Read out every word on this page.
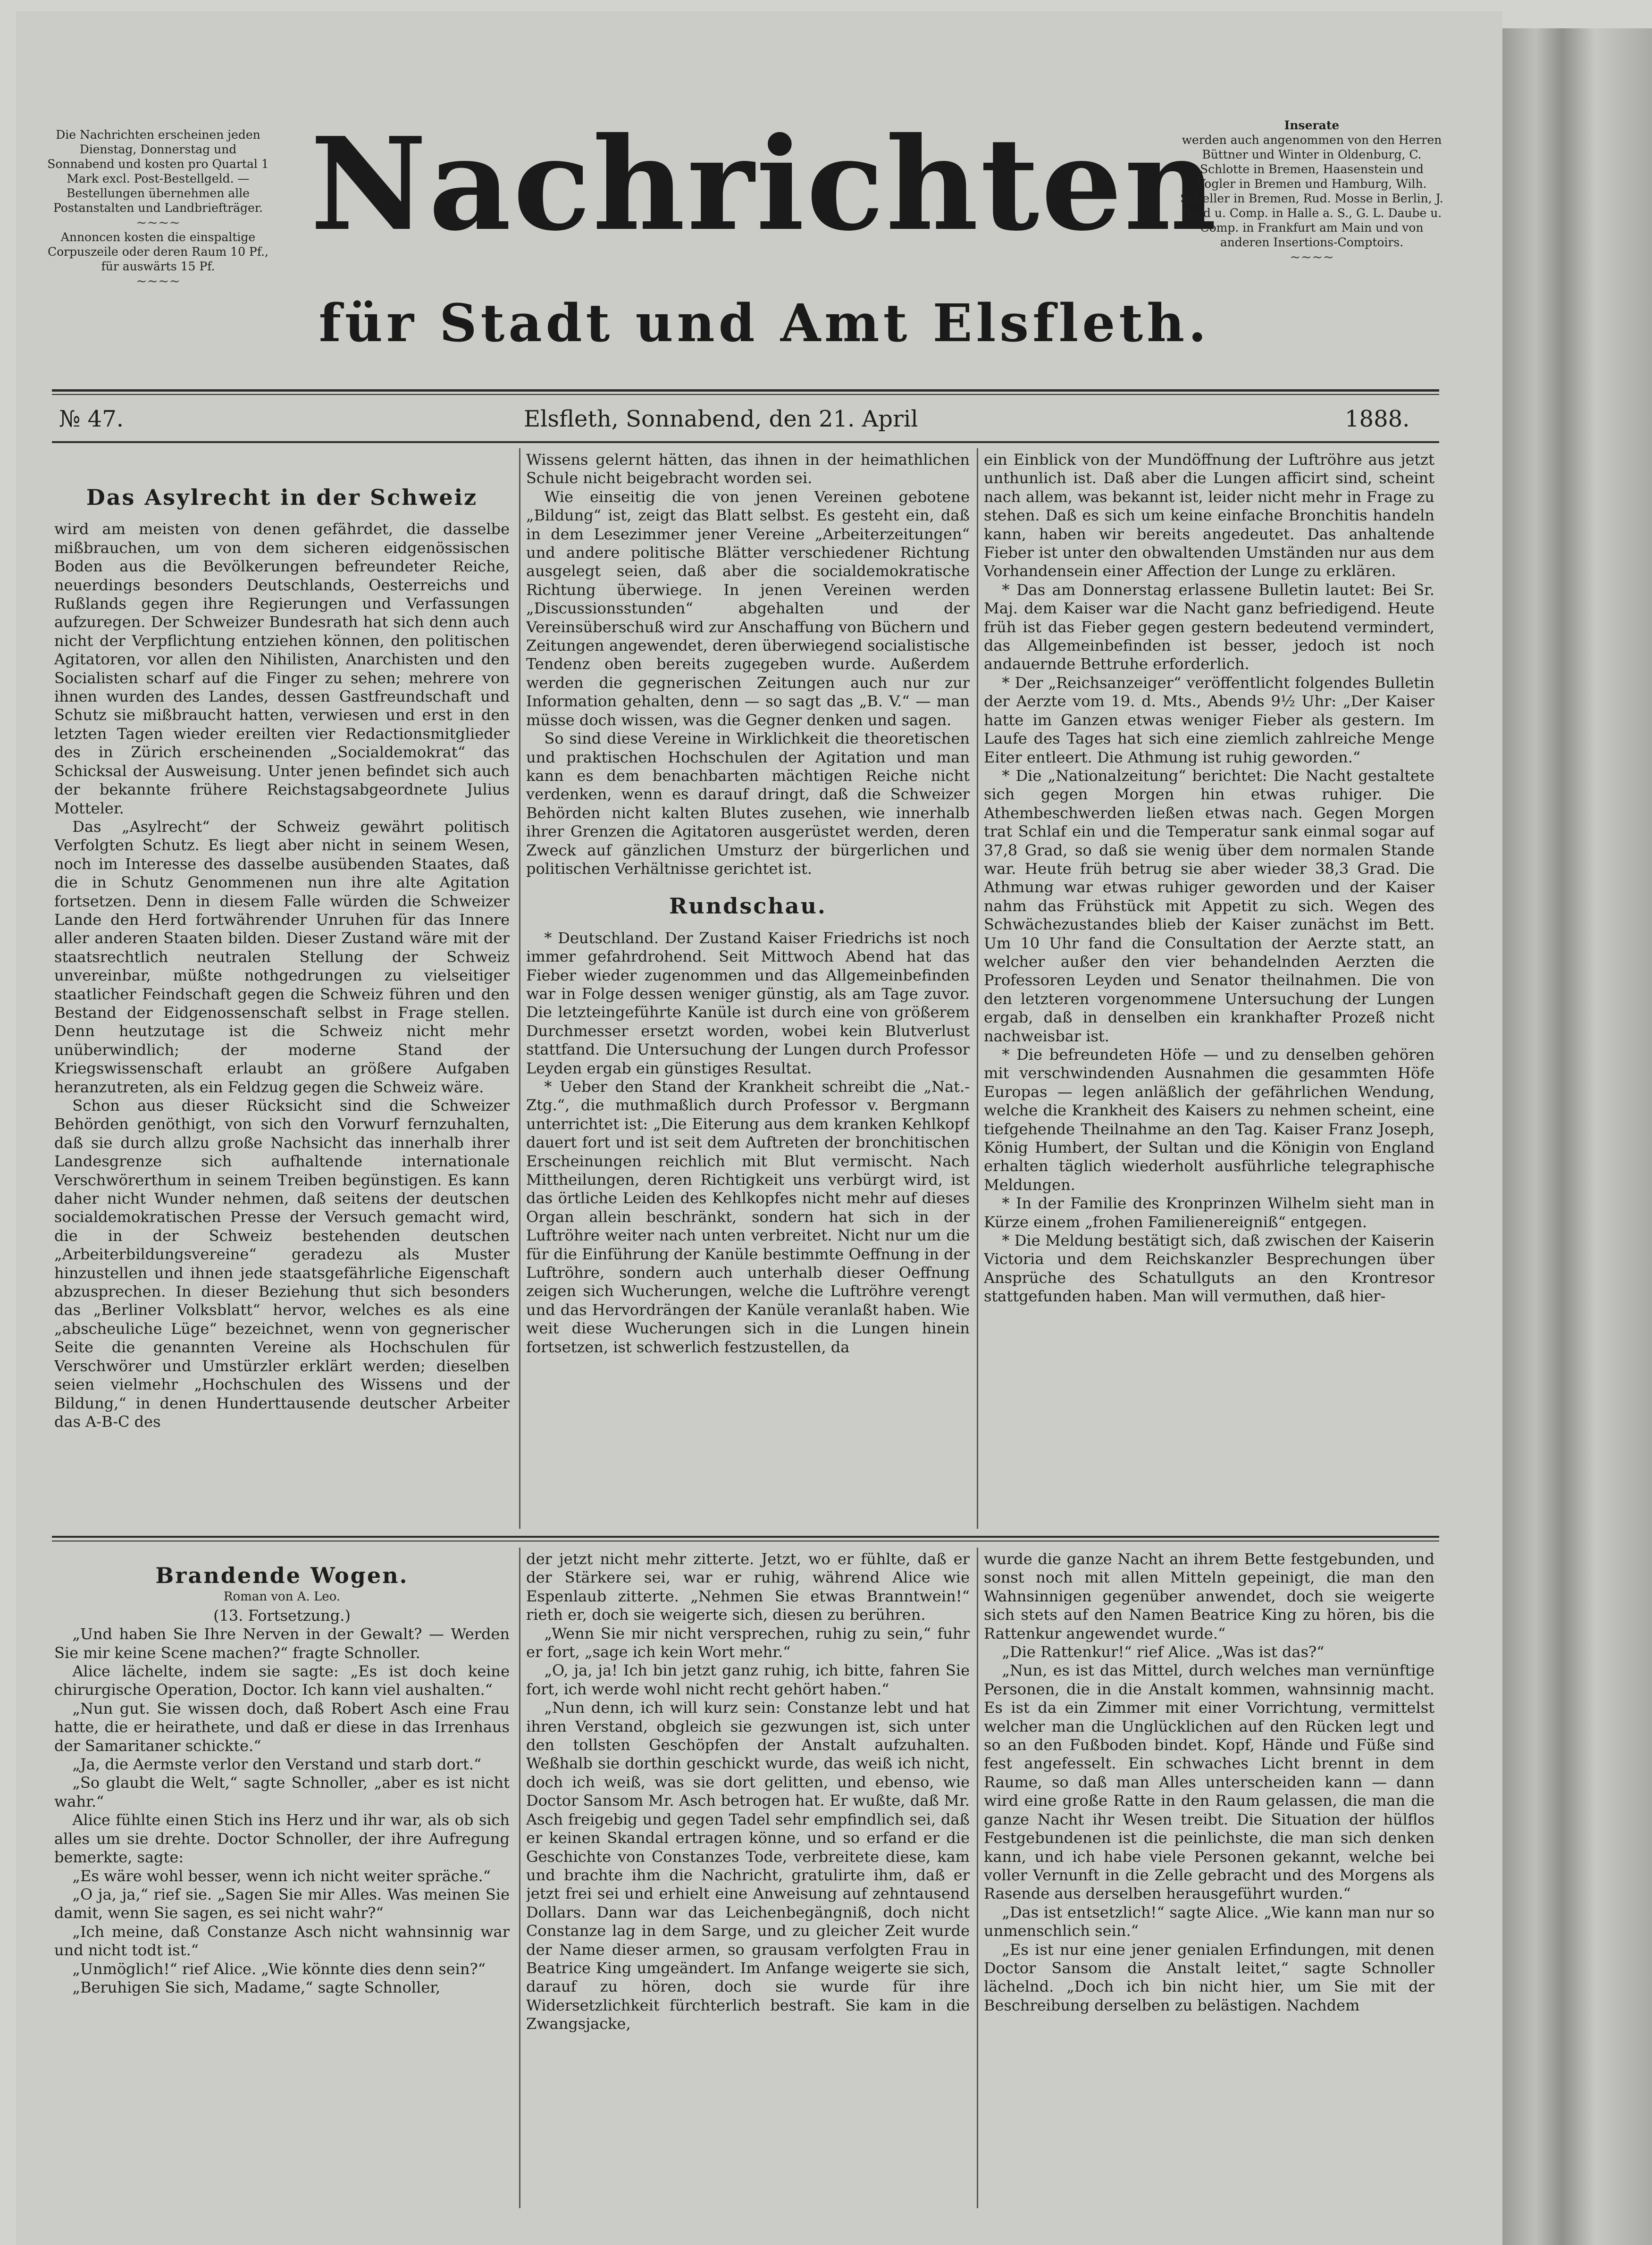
Die Nachrichten erscheinen jeden Dienstag, Donnerstag und Sonnabend und kosten pro Quartal 1 Mark excl. Post-Bestellgeld. — Bestellungen übernehmen alle Postanstalten und Landbriefträger.
~~~~
Annoncen kosten die einspaltige Corpuszeile oder deren Raum 10 Pf., für auswärts 15 Pf.
~~~~
Nachrichten
für Stadt und Amt Elsfleth.
Inserate
werden auch angenommen von den Herren Büttner und Winter in Oldenburg, C. Schlotte in Bremen, Haasenstein und Vogler in Bremen und Hamburg, Wilh. Scheller in Bremen, Rud. Mosse in Berlin, J. Bard u. Comp. in Halle a. S., G. L. Daube u. Comp. in Frankfurt am Main und von anderen Insertions-Comptoirs.
~~~~
№ 47.	Elsfleth, Sonnabend, den 21. April	1888.
Das Asylrecht in der Schweiz

wird am meisten von denen gefährdet, die dasselbe mißbrauchen, um von dem sicheren eidgenössischen Boden aus die Bevölkerungen befreundeter Reiche, neuerdings besonders Deutschlands, Oesterreichs und Rußlands gegen ihre Regierungen und Verfassungen aufzuregen. Der Schweizer Bundesrath hat sich denn auch nicht der Verpflichtung entziehen können, den politischen Agitatoren, vor allen den Nihilisten, Anarchisten und den Socialisten scharf auf die Finger zu sehen; mehrere von ihnen wurden des Landes, dessen Gastfreundschaft und Schutz sie mißbraucht hatten, verwiesen und erst in den letzten Tagen wieder ereilten vier Redactionsmitglieder des in Zürich erscheinenden „Socialdemokrat“ das Schicksal der Ausweisung. Unter jenen befindet sich auch der bekannte frühere Reichstagsabgeordnete Julius Motteler.

Das „Asylrecht“ der Schweiz gewährt politisch Verfolgten Schutz. Es liegt aber nicht in seinem Wesen, noch im Interesse des dasselbe ausübenden Staates, daß die in Schutz Genommenen nun ihre alte Agitation fortsetzen. Denn in diesem Falle würden die Schweizer Lande den Herd fortwährender Unruhen für das Innere aller anderen Staaten bilden. Dieser Zustand wäre mit der staatsrechtlich neutralen Stellung der Schweiz unvereinbar, müßte nothgedrungen zu vielseitiger staatlicher Feindschaft gegen die Schweiz führen und den Bestand der Eidgenossenschaft selbst in Frage stellen. Denn heutzutage ist die Schweiz nicht mehr unüberwindlich; der moderne Stand der Kriegswissenschaft erlaubt an größere Aufgaben heranzutreten, als ein Feldzug gegen die Schweiz wäre.

Schon aus dieser Rücksicht sind die Schweizer Behörden genöthigt, von sich den Vorwurf fernzuhalten, daß sie durch allzu große Nachsicht das innerhalb ihrer Landesgrenze sich aufhaltende internationale Verschwörerthum in seinem Treiben begünstigen. Es kann daher nicht Wunder nehmen, daß seitens der deutschen socialdemokratischen Presse der Versuch gemacht wird, die in der Schweiz bestehenden deutschen „Arbeiterbildungsvereine“ geradezu als Muster hinzustellen und ihnen jede staatsgefährliche Eigenschaft abzusprechen. In dieser Beziehung thut sich besonders das „Berliner Volksblatt“ hervor, welches es als eine „abscheuliche Lüge“ bezeichnet, wenn von gegnerischer Seite die genannten Vereine als Hochschulen für Verschwörer und Umstürzler erklärt werden; dieselben seien vielmehr „Hochschulen des Wissens und der Bildung,“ in denen Hunderttausende deutscher Arbeiter das A-B-C des

Wissens gelernt hätten, das ihnen in der heimathlichen Schule nicht beigebracht worden sei.

Wie einseitig die von jenen Vereinen gebotene „Bildung“ ist, zeigt das Blatt selbst. Es gesteht ein, daß in dem Lesezimmer jener Vereine „Arbeiterzeitungen“ und andere politische Blätter verschiedener Richtung ausgelegt seien, daß aber die socialdemokratische Richtung überwiege. In jenen Vereinen werden „Discussionsstunden“ abgehalten und der Vereinsüberschuß wird zur Anschaffung von Büchern und Zeitungen angewendet, deren überwiegend socialistische Tendenz oben bereits zugegeben wurde. Außerdem werden die gegnerischen Zeitungen auch nur zur Information gehalten, denn — so sagt das „B. V.“ — man müsse doch wissen, was die Gegner denken und sagen.

So sind diese Vereine in Wirklichkeit die theoretischen und praktischen Hochschulen der Agitation und man kann es dem benachbarten mächtigen Reiche nicht verdenken, wenn es darauf dringt, daß die Schweizer Behörden nicht kalten Blutes zusehen, wie innerhalb ihrer Grenzen die Agitatoren ausgerüstet werden, deren Zweck auf gänzlichen Umsturz der bürgerlichen und politischen Verhältnisse gerichtet ist.

Rundschau.

* Deutschland. Der Zustand Kaiser Friedrichs ist noch immer gefahrdrohend. Seit Mittwoch Abend hat das Fieber wieder zugenommen und das Allgemeinbefinden war in Folge dessen weniger günstig, als am Tage zuvor. Die letzteingeführte Kanüle ist durch eine von größerem Durchmesser ersetzt worden, wobei kein Blutverlust stattfand. Die Untersuchung der Lungen durch Professor Leyden ergab ein günstiges Resultat.

* Ueber den Stand der Krankheit schreibt die „Nat.-Ztg.“, die muthmaßlich durch Professor v. Bergmann unterrichtet ist: „Die Eiterung aus dem kranken Kehlkopf dauert fort und ist seit dem Auftreten der bronchitischen Erscheinungen reichlich mit Blut vermischt. Nach Mittheilungen, deren Richtigkeit uns verbürgt wird, ist das örtliche Leiden des Kehlkopfes nicht mehr auf dieses Organ allein beschränkt, sondern hat sich in der Luftröhre weiter nach unten verbreitet. Nicht nur um die für die Einführung der Kanüle bestimmte Oeffnung in der Luftröhre, sondern auch unterhalb dieser Oeffnung zeigen sich Wucherungen, welche die Luftröhre verengt und das Hervordrängen der Kanüle veranlaßt haben. Wie weit diese Wucherungen sich in die Lungen hinein fortsetzen, ist schwerlich festzustellen, da

ein Einblick von der Mundöffnung der Luftröhre aus jetzt unthunlich ist. Daß aber die Lungen afficirt sind, scheint nach allem, was bekannt ist, leider nicht mehr in Frage zu stehen. Daß es sich um keine einfache Bronchitis handeln kann, haben wir bereits angedeutet. Das anhaltende Fieber ist unter den obwaltenden Umständen nur aus dem Vorhandensein einer Affection der Lunge zu erklären.

* Das am Donnerstag erlassene Bulletin lautet: Bei Sr. Maj. dem Kaiser war die Nacht ganz befriedigend. Heute früh ist das Fieber gegen gestern bedeutend vermindert, das Allgemeinbefinden ist besser, jedoch ist noch andauernde Bettruhe erforderlich.

* Der „Reichsanzeiger“ veröffentlicht folgendes Bulletin der Aerzte vom 19. d. Mts., Abends 9½ Uhr: „Der Kaiser hatte im Ganzen etwas weniger Fieber als gestern. Im Laufe des Tages hat sich eine ziemlich zahlreiche Menge Eiter entleert. Die Athmung ist ruhig geworden.“

* Die „Nationalzeitung“ berichtet: Die Nacht gestaltete sich gegen Morgen hin etwas ruhiger. Die Athembeschwerden ließen etwas nach. Gegen Morgen trat Schlaf ein und die Temperatur sank einmal sogar auf 37,8 Grad, so daß sie wenig über dem normalen Stande war. Heute früh betrug sie aber wieder 38,3 Grad. Die Athmung war etwas ruhiger geworden und der Kaiser nahm das Frühstück mit Appetit zu sich. Wegen des Schwächezustandes blieb der Kaiser zunächst im Bett. Um 10 Uhr fand die Consultation der Aerzte statt, an welcher außer den vier behandelnden Aerzten die Professoren Leyden und Senator theilnahmen. Die von den letzteren vorgenommene Untersuchung der Lungen ergab, daß in denselben ein krankhafter Prozeß nicht nachweisbar ist.

* Die befreundeten Höfe — und zu denselben gehören mit verschwindenden Ausnahmen die gesammten Höfe Europas — legen anläßlich der gefährlichen Wendung, welche die Krankheit des Kaisers zu nehmen scheint, eine tiefgehende Theilnahme an den Tag. Kaiser Franz Joseph, König Humbert, der Sultan und die Königin von England erhalten täglich wiederholt ausführliche telegraphische Meldungen.

* In der Familie des Kronprinzen Wilhelm sieht man in Kürze einem „frohen Familienereigniß“ entgegen.

* Die Meldung bestätigt sich, daß zwischen der Kaiserin Victoria und dem Reichskanzler Besprechungen über Ansprüche des Schatullguts an den Krontresor stattgefunden haben. Man will vermuthen, daß hier-

Brandende Wogen.

Roman von A. Leo.

(13. Fortsetzung.)

„Und haben Sie Ihre Nerven in der Gewalt? — Werden Sie mir keine Scene machen?“ fragte Schnoller.

Alice lächelte, indem sie sagte: „Es ist doch keine chirurgische Operation, Doctor. Ich kann viel aushalten.“

„Nun gut. Sie wissen doch, daß Robert Asch eine Frau hatte, die er heirathete, und daß er diese in das Irrenhaus der Samaritaner schickte.“

„Ja, die Aermste verlor den Verstand und starb dort.“

„So glaubt die Welt,“ sagte Schnoller, „aber es ist nicht wahr.“

Alice fühlte einen Stich ins Herz und ihr war, als ob sich alles um sie drehte. Doctor Schnoller, der ihre Aufregung bemerkte, sagte:

„Es wäre wohl besser, wenn ich nicht weiter spräche.“

„O ja, ja,“ rief sie. „Sagen Sie mir Alles. Was meinen Sie damit, wenn Sie sagen, es sei nicht wahr?“

„Ich meine, daß Constanze Asch nicht wahnsinnig war und nicht todt ist.“

„Unmöglich!“ rief Alice. „Wie könnte dies denn sein?“

„Beruhigen Sie sich, Madame,“ sagte Schnoller,

der jetzt nicht mehr zitterte. Jetzt, wo er fühlte, daß er der Stärkere sei, war er ruhig, während Alice wie Espenlaub zitterte. „Nehmen Sie etwas Branntwein!“ rieth er, doch sie weigerte sich, diesen zu berühren.

„Wenn Sie mir nicht versprechen, ruhig zu sein,“ fuhr er fort, „sage ich kein Wort mehr.“

„O, ja, ja! Ich bin jetzt ganz ruhig, ich bitte, fahren Sie fort, ich werde wohl nicht recht gehört haben.“

„Nun denn, ich will kurz sein: Constanze lebt und hat ihren Verstand, obgleich sie gezwungen ist, sich unter den tollsten Geschöpfen der Anstalt aufzuhalten. Weßhalb sie dorthin geschickt wurde, das weiß ich nicht, doch ich weiß, was sie dort gelitten, und ebenso, wie Doctor Sansom Mr. Asch betrogen hat. Er wußte, daß Mr. Asch freigebig und gegen Tadel sehr empfindlich sei, daß er keinen Skandal ertragen könne, und so erfand er die Geschichte von Constanzes Tode, verbreitete diese, kam und brachte ihm die Nachricht, gratulirte ihm, daß er jetzt frei sei und erhielt eine Anweisung auf zehntausend Dollars. Dann war das Leichenbegängniß, doch nicht Constanze lag in dem Sarge, und zu gleicher Zeit wurde der Name dieser armen, so grausam verfolgten Frau in Beatrice King umgeändert. Im Anfange weigerte sie sich, darauf zu hören, doch sie wurde für ihre Widersetzlichkeit fürchterlich bestraft. Sie kam in die Zwangsjacke,

wurde die ganze Nacht an ihrem Bette festgebunden, und sonst noch mit allen Mitteln gepeinigt, die man den Wahnsinnigen gegenüber anwendet, doch sie weigerte sich stets auf den Namen Beatrice King zu hören, bis die Rattenkur angewendet wurde.“

„Die Rattenkur!“ rief Alice. „Was ist das?“

„Nun, es ist das Mittel, durch welches man vernünftige Personen, die in die Anstalt kommen, wahnsinnig macht. Es ist da ein Zimmer mit einer Vorrichtung, vermittelst welcher man die Unglücklichen auf den Rücken legt und so an den Fußboden bindet. Kopf, Hände und Füße sind fest angefesselt. Ein schwaches Licht brennt in dem Raume, so daß man Alles unterscheiden kann — dann wird eine große Ratte in den Raum gelassen, die man die ganze Nacht ihr Wesen treibt. Die Situation der hülflos Festgebundenen ist die peinlichste, die man sich denken kann, und ich habe viele Personen gekannt, welche bei voller Vernunft in die Zelle gebracht und des Morgens als Rasende aus derselben herausgeführt wurden.“

„Das ist entsetzlich!“ sagte Alice. „Wie kann man nur so unmenschlich sein.“

„Es ist nur eine jener genialen Erfindungen, mit denen Doctor Sansom die Anstalt leitet,“ sagte Schnoller lächelnd. „Doch ich bin nicht hier, um Sie mit der Beschreibung derselben zu belästigen. Nachdem
